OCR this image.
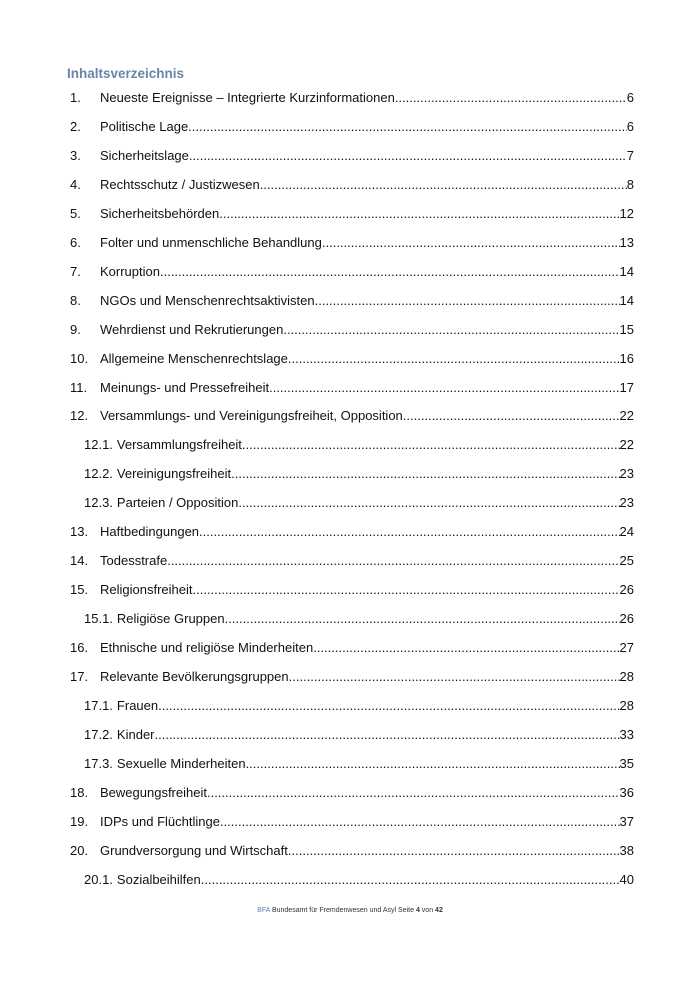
Inhaltsverzeichnis
1.	Neueste Ereignisse – Integrierte Kurzinformationen .....	6
2.	Politische Lage .....	6
3.	Sicherheitslage .....	7
4.	Rechtsschutz / Justizwesen .....	8
5.	Sicherheitsbehörden .....	12
6.	Folter und unmenschliche Behandlung .....	13
7.	Korruption .....	14
8.	NGOs und Menschenrechtsaktivisten .....	14
9.	Wehrdienst und Rekrutierungen .....	15
10. Allgemeine Menschenrechtslage .....	16
11. Meinungs- und Pressefreiheit .....	17
12. Versammlungs- und Vereinigungsfreiheit, Opposition .....	22
12.1. Versammlungsfreiheit .....	22
12.2. Vereinigungsfreiheit .....	23
12.3. Parteien / Opposition .....	23
13. Haftbedingungen .....	24
14. Todesstrafe .....	25
15. Religionsfreiheit .....	26
15.1. Religiöse Gruppen .....	26
16. Ethnische und religiöse Minderheiten .....	27
17. Relevante Bevölkerungsgruppen .....	28
17.1. Frauen .....	28
17.2. Kinder .....	33
17.3. Sexuelle Minderheiten .....	35
18. Bewegungsfreiheit .....	36
19. IDPs und Flüchtlinge .....	37
20. Grundversorgung und Wirtschaft .....	38
20.1. Sozialbeihilfen .....	40
BFA Bundesamt für Fremdenwesen und Asyl Seite 4 von 42
